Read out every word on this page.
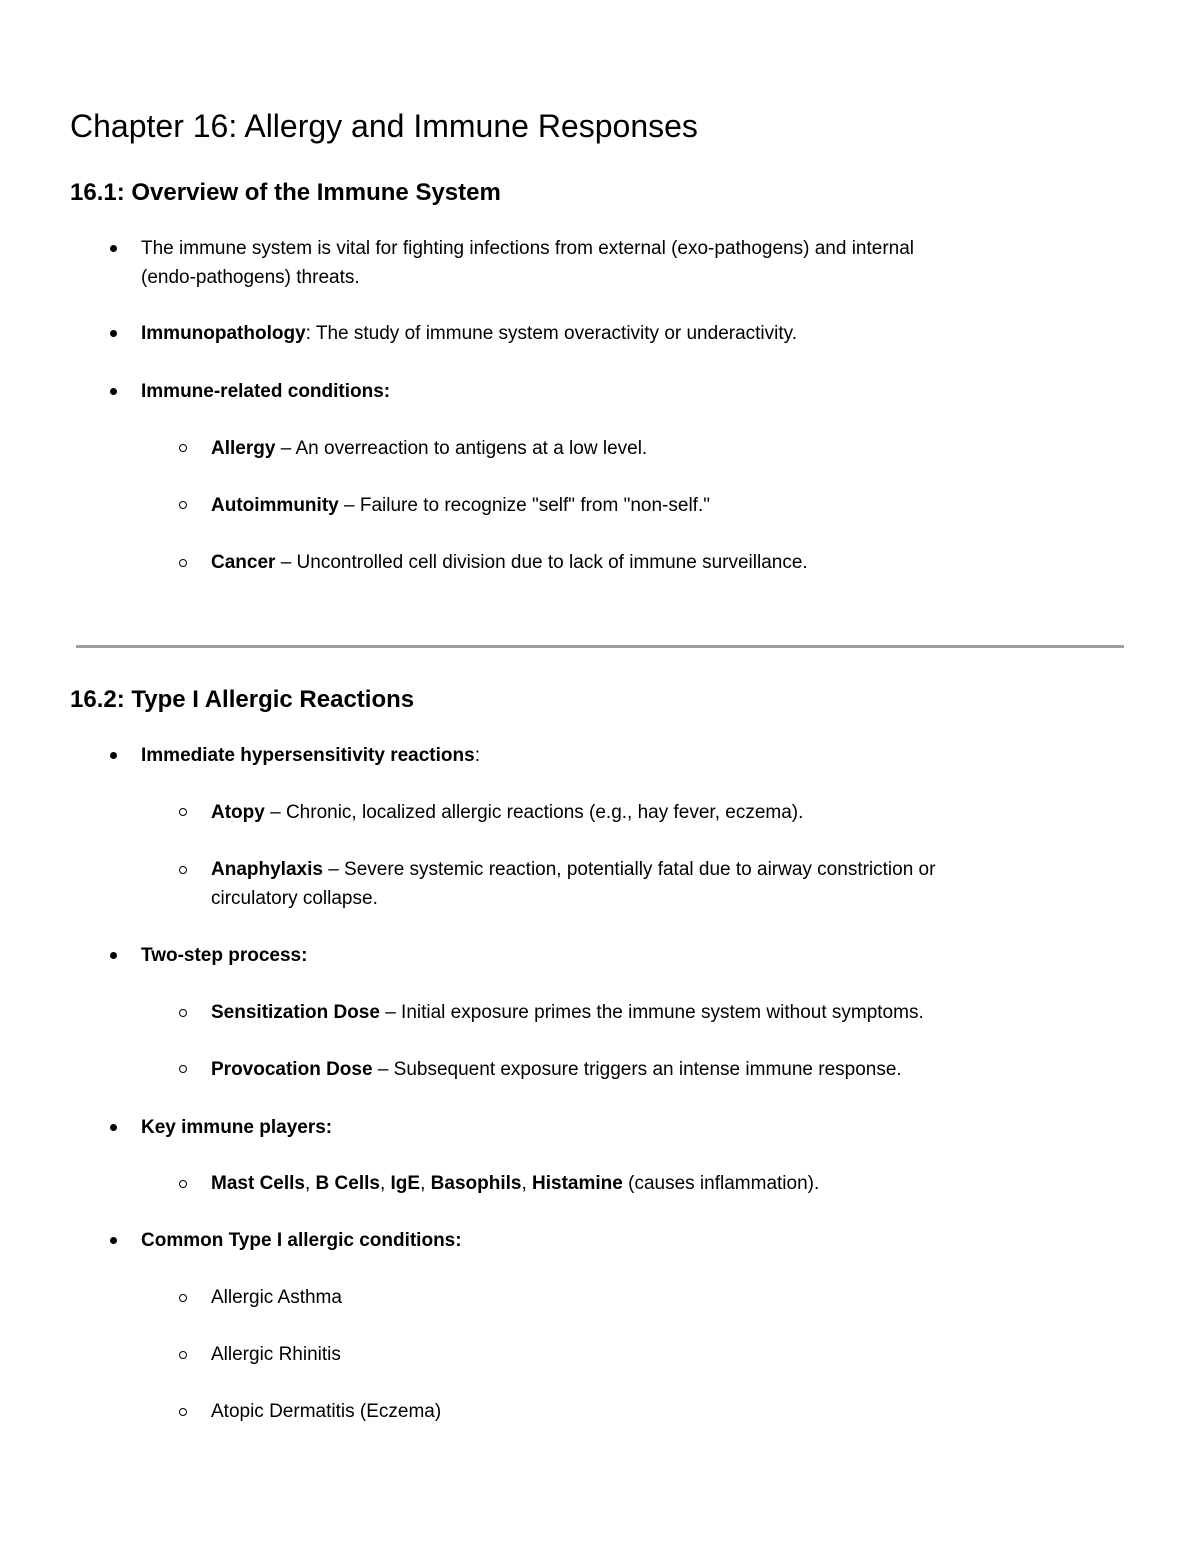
Chapter 16: Allergy and Immune Responses
16.1: Overview of the Immune System
The immune system is vital for fighting infections from external (exo-pathogens) and internal
(endo-pathogens) threats.
Immunopathology: The study of immune system overactivity or underactivity.
Immune-related conditions:
Allergy – An overreaction to antigens at a low level.
Autoimmunity – Failure to recognize "self" from "non-self."
Cancer – Uncontrolled cell division due to lack of immune surveillance.
16.2: Type I Allergic Reactions
Immediate hypersensitivity reactions:
Atopy – Chronic, localized allergic reactions (e.g., hay fever, eczema).
Anaphylaxis – Severe systemic reaction, potentially fatal due to airway constriction or
circulatory collapse.
Two-step process:
Sensitization Dose – Initial exposure primes the immune system without symptoms.
Provocation Dose – Subsequent exposure triggers an intense immune response.
Key immune players:
Mast Cells, B Cells, IgE, Basophils, Histamine (causes inflammation).
Common Type I allergic conditions:
Allergic Asthma
Allergic Rhinitis
Atopic Dermatitis (Eczema)
